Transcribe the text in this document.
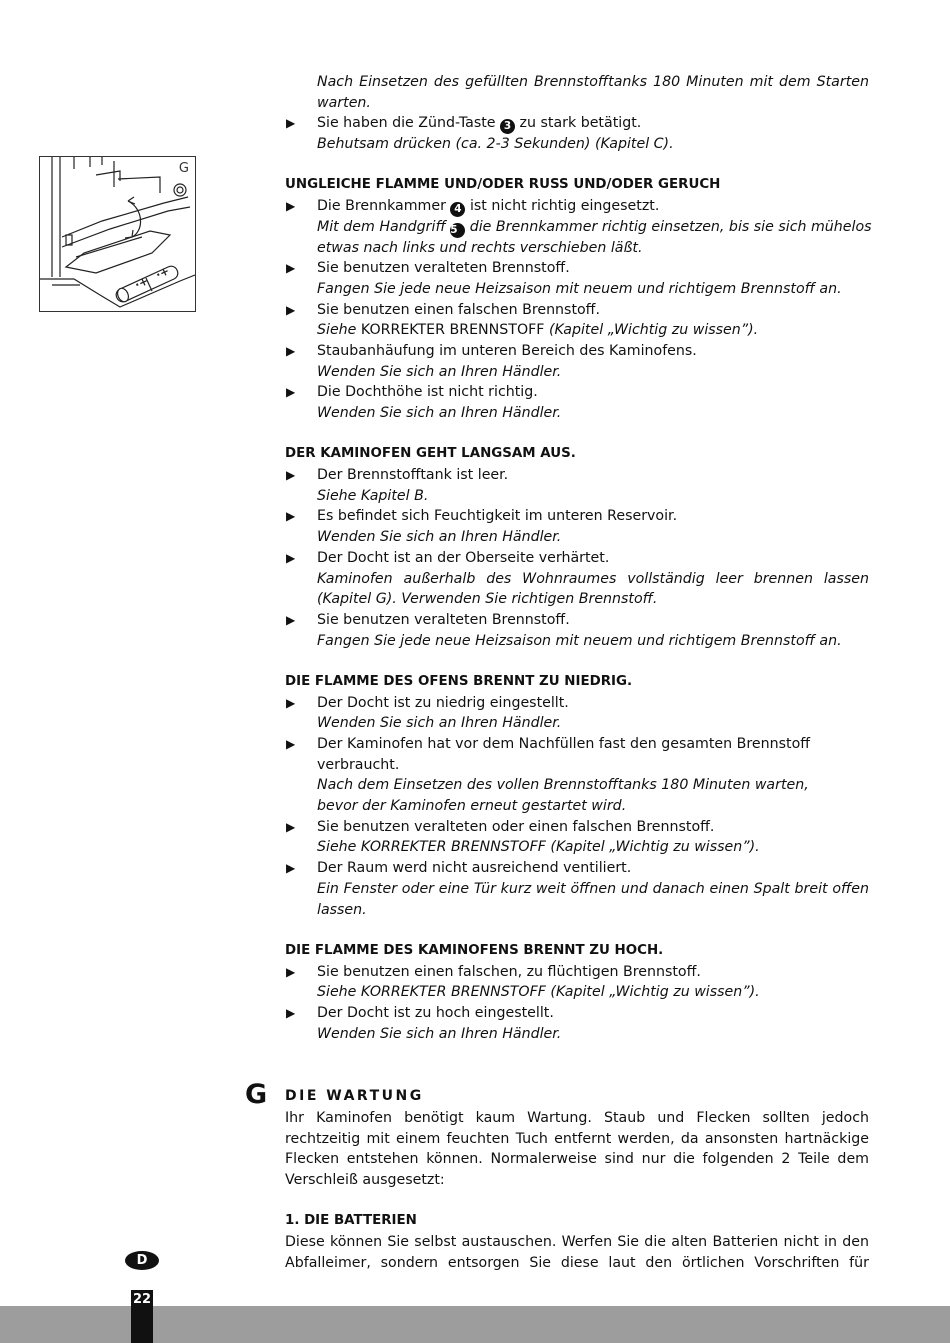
·+
·+
G
Nach Einsetzen des gefüllten Brennstofftanks 180 Minuten mit dem Starten
warten.
▶ Sie haben die Zünd-Taste 3 zu stark betätigt.
Behutsam drücken (ca. 2-3 Sekunden) (Kapitel C).
UNGLEICHE FLAMME UND/ODER RUSS UND/ODER GERUCH
▶ Die Brennkammer 4 ist nicht richtig eingesetzt.
Mit dem Handgriff 5 die Brennkammer richtig einsetzen, bis sie sich mühelos
etwas nach links und rechts verschieben läßt.
▶ Sie benutzen veralteten Brennstoff.
Fangen Sie jede neue Heizsaison mit neuem und richtigem Brennstoff an.
▶ Sie benutzen einen falschen Brennstoff.
Siehe KORREKTER BRENNSTOFF (Kapitel „Wichtig zu wissen”).
▶ Staubanhäufung im unteren Bereich des Kaminofens.
Wenden Sie sich an Ihren Händler.
▶ Die Dochthöhe ist nicht richtig.
Wenden Sie sich an Ihren Händler.
DER KAMINOFEN GEHT LANGSAM AUS.
▶ Der Brennstofftank ist leer.
Siehe Kapitel B.
▶ Es befindet sich Feuchtigkeit im unteren Reservoir.
Wenden Sie sich an Ihren Händler.
▶ Der Docht ist an der Oberseite verhärtet.
Kaminofen außerhalb des Wohnraumes vollständig leer brennen lassen
(Kapitel G). Verwenden Sie richtigen Brennstoff.
▶ Sie benutzen veralteten Brennstoff.
Fangen Sie jede neue Heizsaison mit neuem und richtigem Brennstoff an.
DIE FLAMME DES OFENS BRENNT ZU NIEDRIG.
▶ Der Docht ist zu niedrig eingestellt.
Wenden Sie sich an Ihren Händler.
▶ Der Kaminofen hat vor dem Nachfüllen fast den gesamten Brennstoff
verbraucht.
Nach dem Einsetzen des vollen Brennstofftanks 180 Minuten warten,
bevor der Kaminofen erneut gestartet wird.
▶ Sie benutzen veralteten oder einen falschen Brennstoff.
Siehe KORREKTER BRENNSTOFF (Kapitel „Wichtig zu wissen”).
▶ Der Raum werd nicht ausreichend ventiliert.
Ein Fenster oder eine Tür kurz weit öffnen und danach einen Spalt breit offen
lassen.
DIE FLAMME DES KAMINOFENS BRENNT ZU HOCH.
▶ Sie benutzen einen falschen, zu flüchtigen Brennstoff.
Siehe KORREKTER BRENNSTOFF (Kapitel „Wichtig zu wissen”).
▶ Der Docht ist zu hoch eingestellt.
Wenden Sie sich an Ihren Händler.
G DIE WARTUNG
Ihr Kaminofen benötigt kaum Wartung. Staub und Flecken sollten jedoch
rechtzeitig mit einem feuchten Tuch entfernt werden, da ansonsten hartnäckige
Flecken entstehen können. Normalerweise sind nur die folgenden 2 Teile dem
Verschleiß ausgesetzt:
1. DIE BATTERIEN
Diese können Sie selbst austauschen. Werfen Sie die alten Batterien nicht in den
Abfalleimer, sondern entsorgen Sie diese laut den örtlichen Vorschriften für
D
22
